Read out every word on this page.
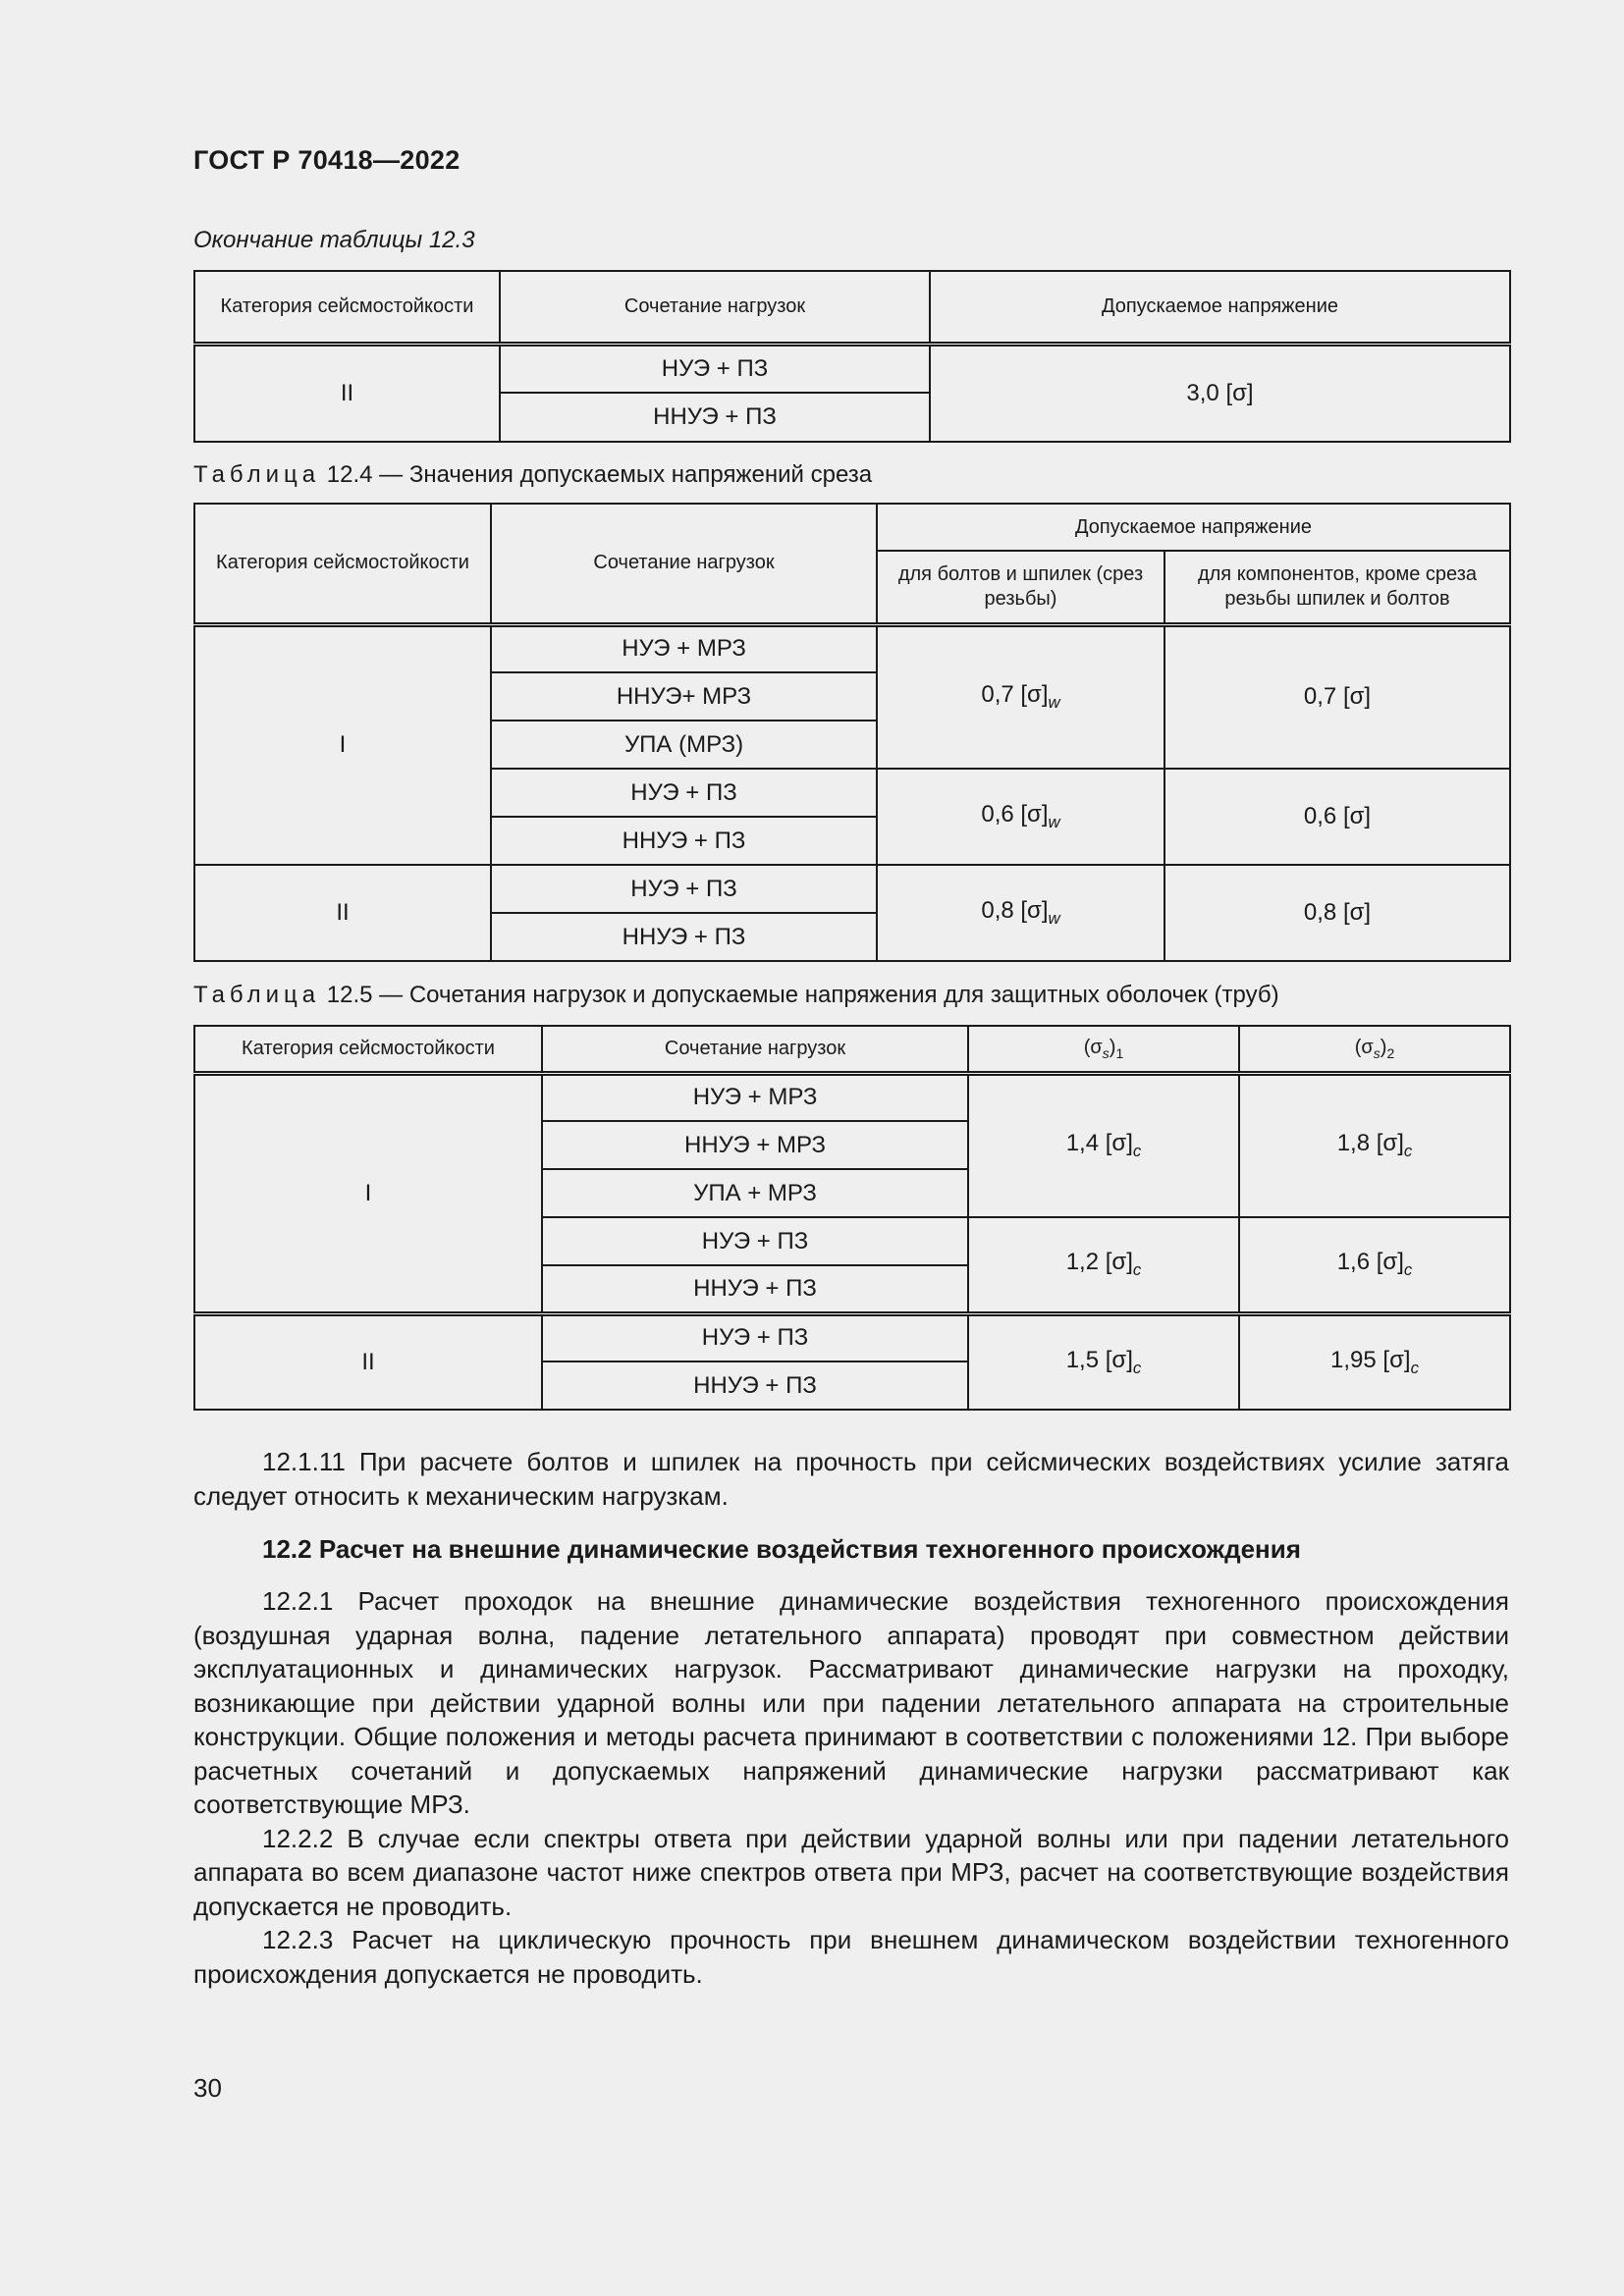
ГОСТ Р 70418—2022
Окончание таблицы 12.3
Категория сейсмостойкости	Сочетание нагрузок	Допускаемое напряжение
II	НУЭ + ПЗ	3,0 [σ]
	ННУЭ + ПЗ	
Таблица 12.4 — Значения допускаемых напряжений среза
Категория сейсмостойкости	Сочетание нагрузок	Допускаемое напряжение	
		для болтов и шпилек (срез резьбы)	для компонентов, кроме среза резьбы шпилек и болтов
I	НУЭ + МРЗ	0,7 $[\sigma]_w$	0,7 [σ]
	ННУЭ+ МРЗ		
	УПА (МРЗ)		
	НУЭ + ПЗ	0,6 $[\sigma]_w$	0,6 [σ]
	ННУЭ + ПЗ		
II	НУЭ + ПЗ	0,8 $[\sigma]_w$	0,8 [σ]
	ННУЭ + ПЗ		
Таблица 12.5 — Сочетания нагрузок и допускаемые напряжения для защитных оболочек (труб)
Категория сейсмостойкости	Сочетание нагрузок	$(\sigma_s)_1$	$(\sigma_s)_2$
I	НУЭ + МРЗ	1,4 $[\sigma]_c$	1,8 $[\sigma]_c$
	ННУЭ + МРЗ		
	УПА + МРЗ		
	НУЭ + ПЗ	1,2 $[\sigma]_c$	1,6 $[\sigma]_c$
	ННУЭ + ПЗ		
II	НУЭ + ПЗ	1,5 $[\sigma]_c$	1,95 $[\sigma]_c$
	ННУЭ + ПЗ		

12.1.11 При расчете болтов и шпилек на прочность при сейсмических воздействиях усилие затяга следует относить к механическим нагрузкам.

12.2 Расчет на внешние динамические воздействия техногенного происхождения

12.2.1 Расчет проходок на внешние динамические воздействия техногенного происхождения (воздушная ударная волна, падение летательного аппарата) проводят при совместном действии эксплуатационных и динамических нагрузок. Рассматривают динамические нагрузки на проходку, возникающие при действии ударной волны или при падении летательного аппарата на строительные конструкции. Общие положения и методы расчета принимают в соответствии с положениями 12. При выборе расчетных сочетаний и допускаемых напряжений динамические нагрузки рассматривают как соответствующие МРЗ.

12.2.2 В случае если спектры ответа при действии ударной волны или при падении летательного аппарата во всем диапазоне частот ниже спектров ответа при МРЗ, расчет на соответствующие воздействия допускается не проводить.

12.2.3 Расчет на циклическую прочность при внешнем динамическом воздействии техногенного происхождения допускается не проводить.

30
